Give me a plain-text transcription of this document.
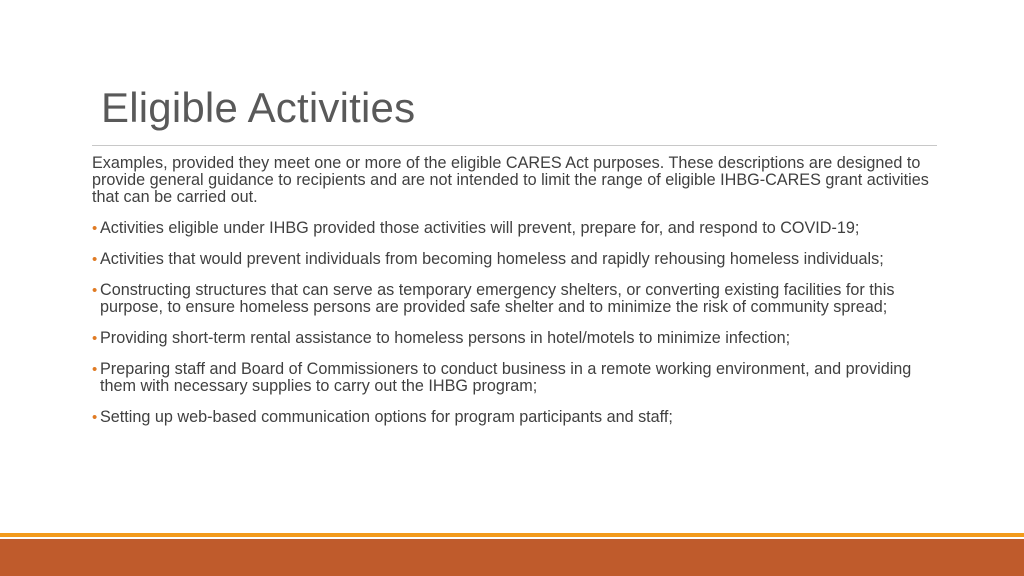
Eligible Activities

Examples, provided they meet one or more of the eligible CARES Act purposes. These descriptions are designed to provide general guidance to recipients and are not intended to limit the range of eligible IHBG-CARES grant activities that can be carried out.

• Activities eligible under IHBG provided those activities will prevent, prepare for, and respond to COVID-19;
• Activities that would prevent individuals from becoming homeless and rapidly rehousing homeless individuals;
• Constructing structures that can serve as temporary emergency shelters, or converting existing facilities for this purpose, to ensure homeless persons are provided safe shelter and to minimize the risk of community spread;
• Providing short-term rental assistance to homeless persons in hotel/motels to minimize infection;
• Preparing staff and Board of Commissioners to conduct business in a remote working environment, and providing them with necessary supplies to carry out the IHBG program;
• Setting up web-based communication options for program participants and staff;
